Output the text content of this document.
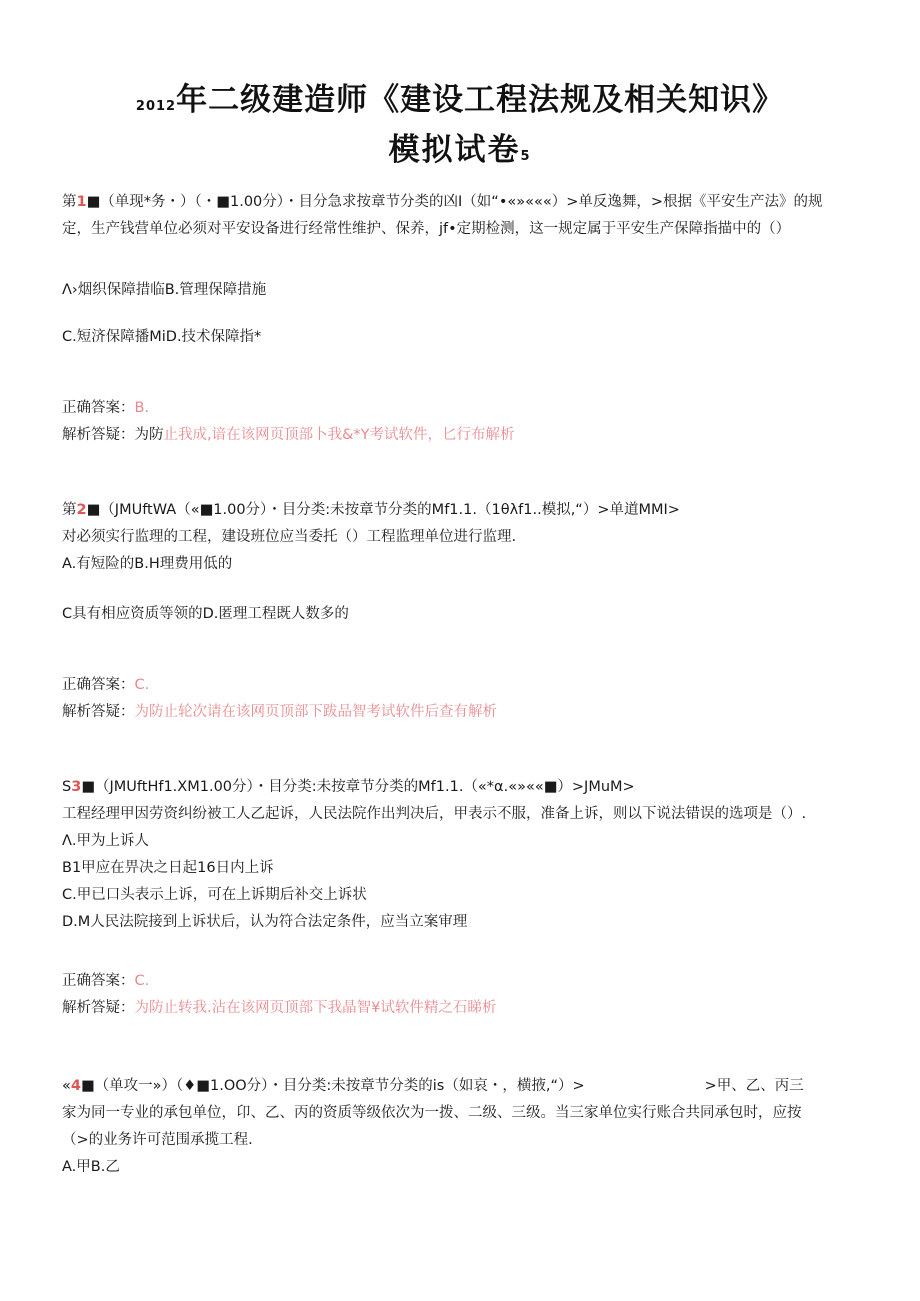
2012年二级建造师《建设工程法规及相关知识》
模拟试卷5
第1■（单现*务・）（・■1.00分）・目分急求按章节分类的凶I（如“•«»«««）>单反逸舞，>根据《平安生产法》的规
定，生产钱营单位必须对平安设备进行经常性维护、保养，jf•定期检测，这一规定属于平安生产保障指描中的（）
Λ›烟织保障措临B.管理保障措施
C.短济保障播MiD.技术保障指*
正确答案：B.
解析答疑：为防止我成,谙在该网页顶部卜我&*Y考试软件，匕行布解析
第2■（JMUftWA（«■1.00分）・目分类:未按章节分类的Mf1.1.（1θλf1..模拟,“）>单道MMI>
对必须实行监理的工程，建设班位应当委托（）工程监理单位进行监理.
A.有短险的B.H理费用低的
C具有相应资质等领的D.匿理工程既人数多的
正确答案：C.
解析答疑：为防止轮次请在该网页顶部下跋品智考试软件后查有解析
S3■（JMUftHf1.XM1.00分）・目分类:未按章节分类的Mf1.1.（«*α.«»««■）>JMuM>
工程经理甲因劳资纠纷被工人乙起诉，人民法院作出判决后，甲表示不服，准备上诉，则以下说法错误的选项是（）.
Λ.甲为上诉人
B1甲应在畀决之日起16日内上诉
C.甲已口头表示上诉，可在上诉期后补交上诉状
D.M人民法院接到上诉状后，认为符合法定条件，应当立案审理
正确答案：C.
解析答疑：为防止转我.沾在该网页顶部下我晶智¥试软件精之石睇析
«4■（单攻一»）（♦■1.OO分）・目分类:未按章节分类的is（如哀・，横掖,“）>	>甲、乙、丙三
家为同一专业的承包单位，卬、乙、丙的资质等级依次为一拨、二级、三级。当三家单位实行账合共同承包时，应按
（>的业务许可范围承揽工程.
A.甲B.乙
